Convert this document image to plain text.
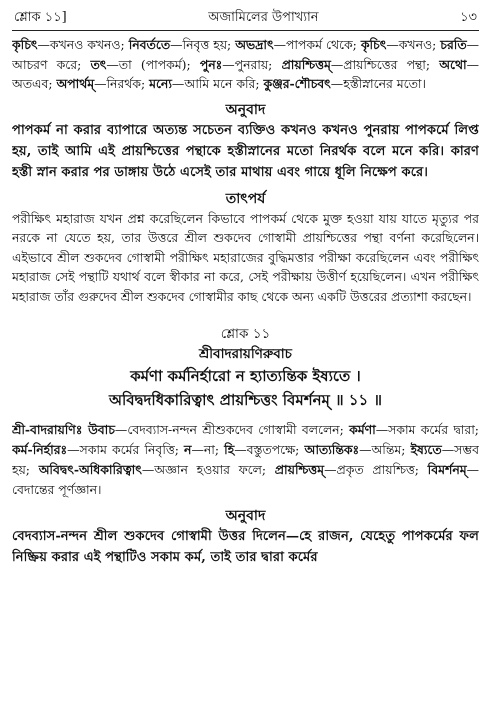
শ্লোক ১১]	অজামিলের উপাখ্যান	১৩

কৃচিৎ—কখনও কখনও; নিবর্ততে—নিবৃত্ত হয়; অভদ্রাৎ—পাপকর্ম থেকে; কৃচিৎ—কখনও; চরতি—আচরণ করে; তৎ—তা (পাপকর্ম); পুনঃ—পুনরায়; প্রায়শ্চিত্তম্—প্রায়শ্চিত্তের পন্থা; অথো—অতএব; অপার্থম্—নিরর্থক; মন্যে—আমি মনে করি; কুঞ্জর-শৌচবৎ—হস্তীস্নানের মতো।

অনুবাদ

পাপকর্ম না করার ব্যাপারে অত্যন্ত সচেতন ব্যক্তিও কখনও কখনও পুনরায় পাপকর্মে লিপ্ত হয়, তাই আমি এই প্রায়শ্চিত্তের পন্থাকে হস্তীস্নানের মতো নিরর্থক বলে মনে করি। কারণ হস্তী স্নান করার পর ডাঙ্গায় উঠে এসেই তার মাথায় এবং গায়ে ধূলি নিক্ষেপ করে।

তাৎপর্য

পরীক্ষিৎ মহারাজ যখন প্রশ্ন করেছিলেন কিভাবে পাপকর্ম থেকে মুক্ত হওয়া যায় যাতে মৃত্যুর পর নরকে না যেতে হয়, তার উত্তরে শ্রীল শুকদেব গোস্বামী প্রায়শ্চিত্তের পন্থা বর্ণনা করেছিলেন। এইভাবে শ্রীল শুকদেব গোস্বামী পরীক্ষিৎ মহারাজের বুদ্ধিমত্তার পরীক্ষা করেছিলেন এবং পরীক্ষিৎ মহারাজ সেই পন্থাটি যথার্থ বলে স্বীকার না করে, সেই পরীক্ষায় উত্তীর্ণ হয়েছিলেন। এখন পরীক্ষিৎ মহারাজ তাঁর গুরুদেব শ্রীল শুকদেব গোস্বামীর কাছ থেকে অন্য একটি উত্তরের প্রত্যাশা করছেন।

শ্লোক ১১
শ্রীবাদরায়ণিরুবাচ
কর্মণা কর্মনির্হারো ন হ্যাত্যন্তিক ইষ্যতে ।
অবিদ্বদধিকারিত্বাৎ প্রায়শ্চিত্তং বিমর্শনম্ ॥ ১১ ॥

শ্রী-বাদরায়ণিঃ উবাচ—বেদব্যাস-নন্দন শ্রীশুকদেব গোস্বামী বললেন; কর্মণা—সকাম কর্মের দ্বারা; কর্ম-নির্হারঃ—সকাম কর্মের নিবৃত্তি; ন—না; হি—বস্তুতপক্ষে; আত্যন্তিকঃ—অন্তিম; ইষ্যতে—সম্ভব হয়; অবিদ্বৎ-অধিকারিত্বাৎ—অজ্ঞান হওয়ার ফলে; প্রায়শ্চিত্তম্—প্রকৃত প্রায়শ্চিত্ত; বিমর্শনম্—বেদান্তের পূর্ণজ্ঞান।

অনুবাদ

বেদব্যাস-নন্দন শ্রীল শুকদেব গোস্বামী উত্তর দিলেন—হে রাজন, যেহেতু পাপকর্মের ফল নিষ্ক্রিয় করার এই পন্থাটিও সকাম কর্ম, তাই তার দ্বারা কর্মের
